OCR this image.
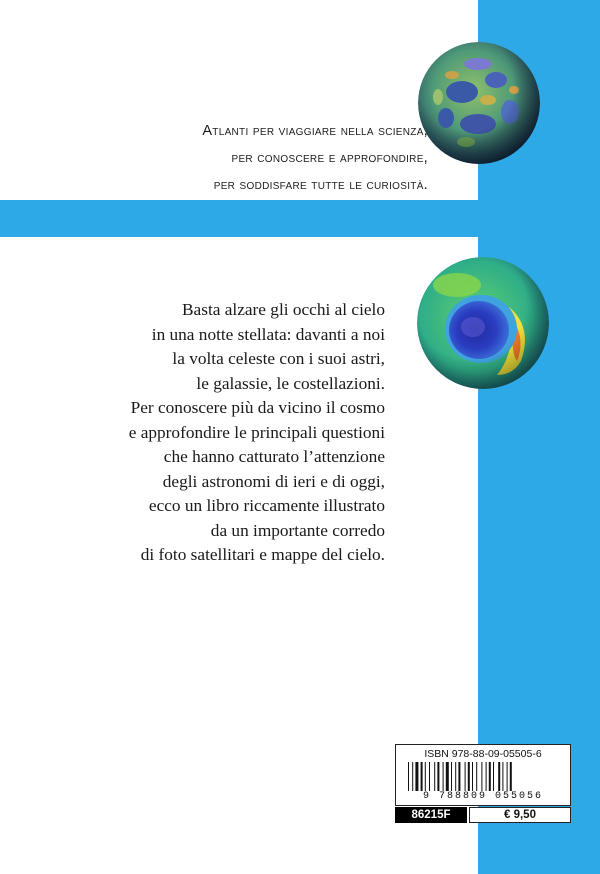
Atlanti per viaggiare nella scienza,
per conoscere e approfondire,
per soddisfare tutte le curiosità.
Basta alzare gli occhi al cielo
in una notte stellata: davanti a noi
la volta celeste con i suoi astri,
le galassie, le costellazioni.
Per conoscere più da vicino il cosmo
e approfondire le principali questioni
che hanno catturato l’attenzione
degli astronomi di ieri e di oggi,
ecco un libro riccamente illustrato
da un importante corredo
di foto satellitari e mappe del cielo.
ISBN 978-88-09-05505-6
9 788809 055056
86215F	€ 9,50
